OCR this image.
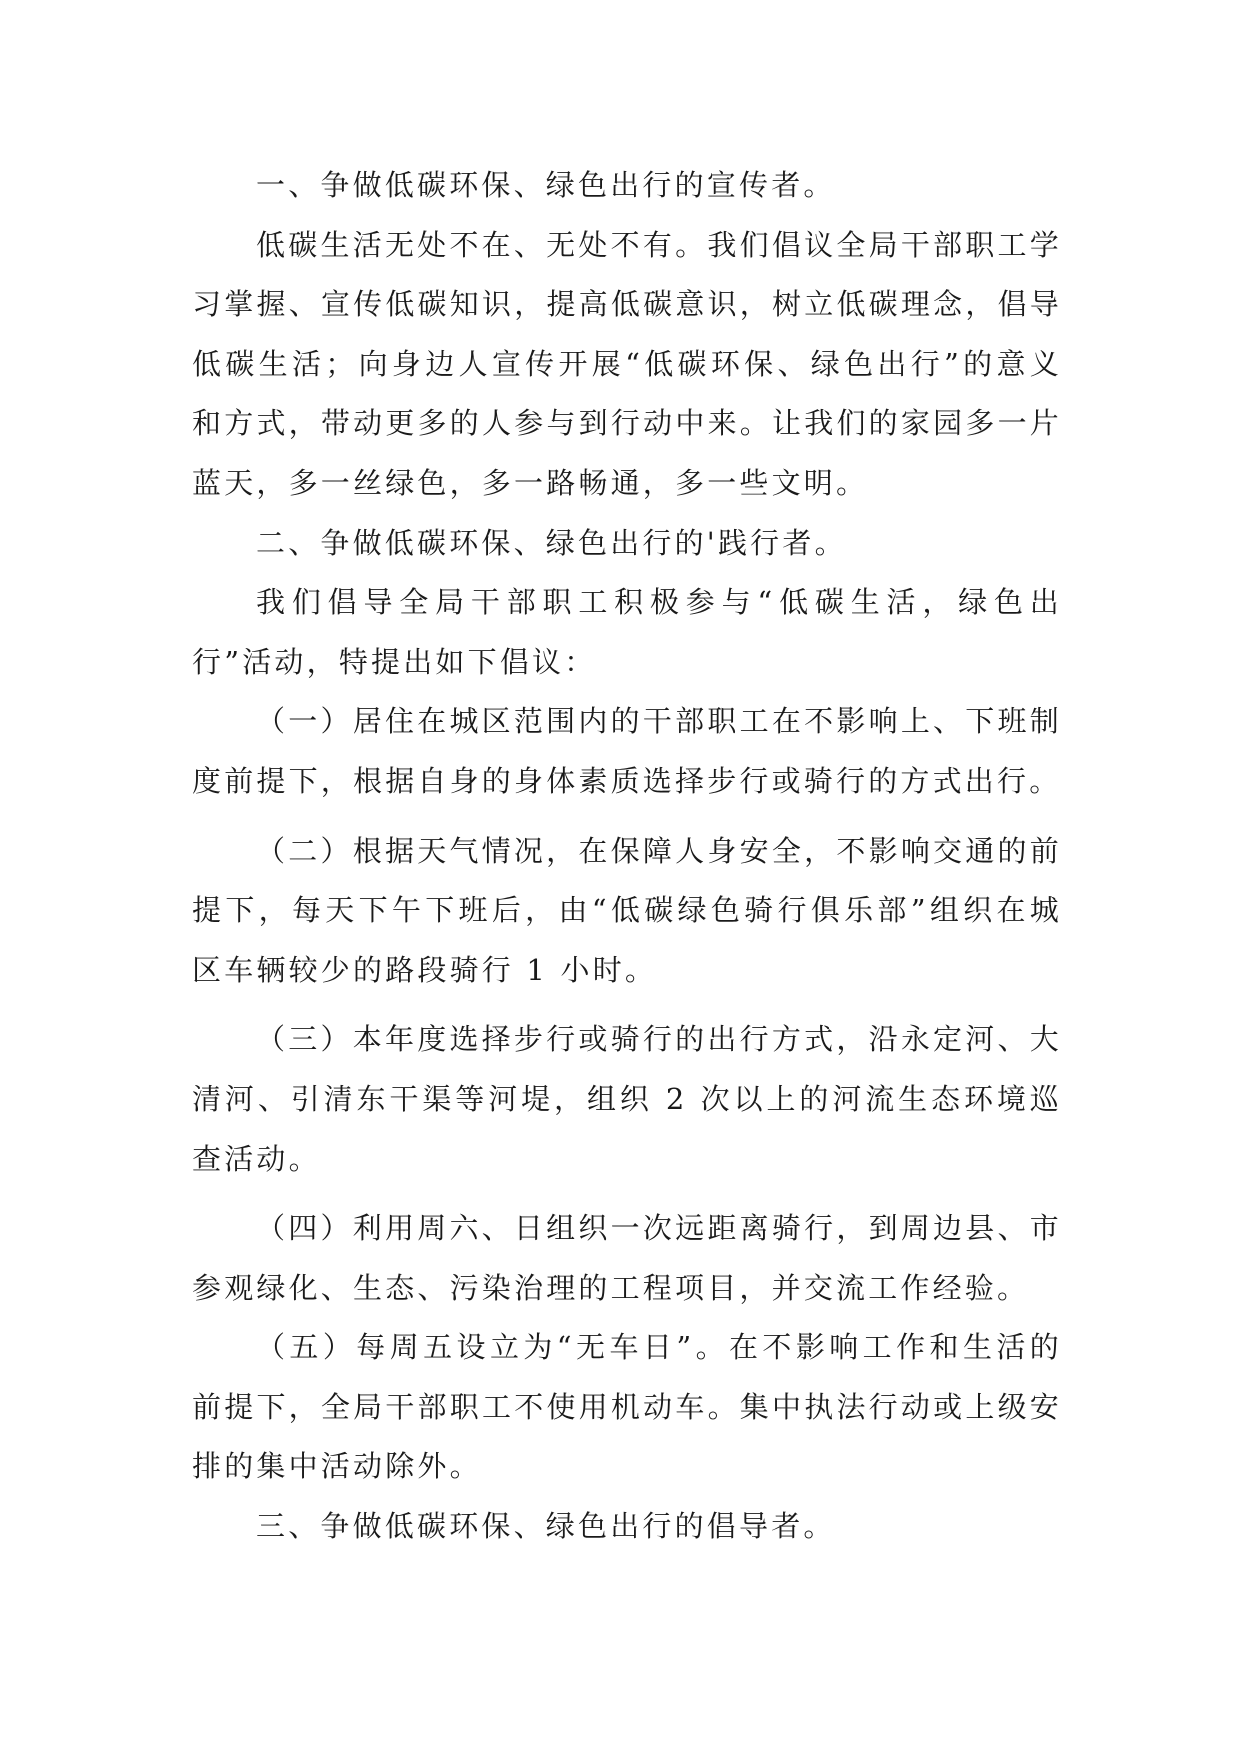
一、争做低碳环保、绿色出行的宣传者。

低碳生活无处不在、无处不有。我们倡议全局干部职工学习掌握、宣传低碳知识，提高低碳意识，树立低碳理念，倡导低碳生活；向身边人宣传开展“低碳环保、绿色出行”的意义和方式，带动更多的人参与到行动中来。让我们的家园多一片蓝天，多一丝绿色，多一路畅通，多一些文明。

二、争做低碳环保、绿色出行的'践行者。

我们倡导全局干部职工积极参与“低碳生活，绿色出行”活动，特提出如下倡议：

（一）居住在城区范围内的干部职工在不影响上、下班制度前提下，根据自身的身体素质选择步行或骑行的方式出行。

（二）根据天气情况，在保障人身安全，不影响交通的前提下，每天下午下班后，由“低碳绿色骑行俱乐部”组织在城区车辆较少的路段骑行 1 小时。

（三）本年度选择步行或骑行的出行方式，沿永定河、大清河、引清东干渠等河堤，组织 2 次以上的河流生态环境巡查活动。

（四）利用周六、日组织一次远距离骑行，到周边县、市参观绿化、生态、污染治理的工程项目，并交流工作经验。

（五）每周五设立为“无车日”。在不影响工作和生活的前提下，全局干部职工不使用机动车。集中执法行动或上级安排的集中活动除外。

三、争做低碳环保、绿色出行的倡导者。
